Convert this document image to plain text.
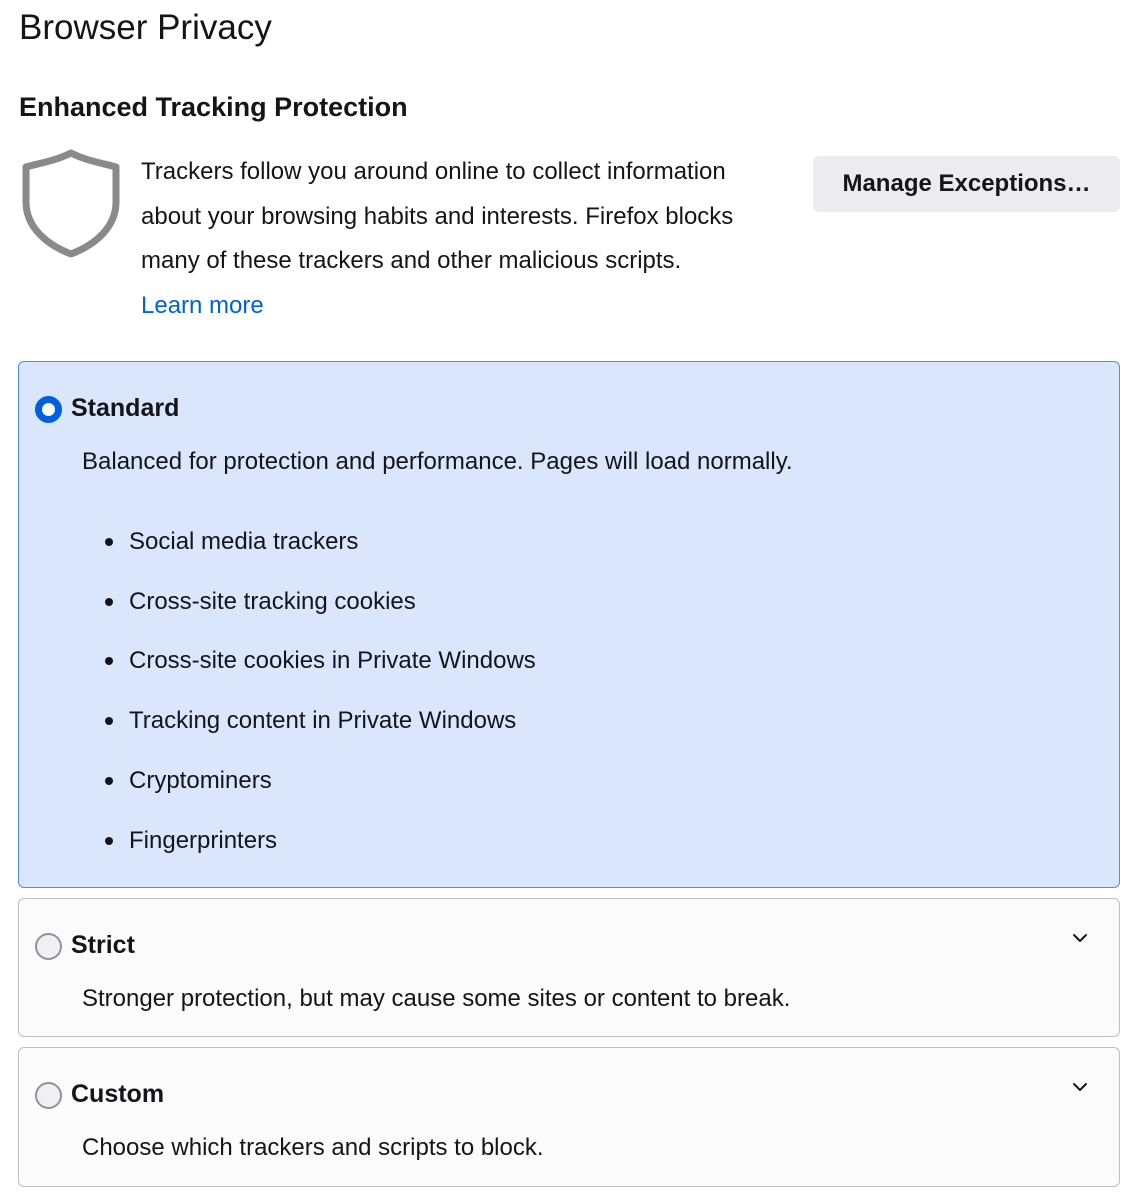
Browser Privacy
Enhanced Tracking Protection

Trackers follow you around online to collect information about your browsing habits and interests. Firefox blocks many of these trackers and other malicious scripts.

Learn more
Manage Exceptions…
Standard
Balanced for protection and performance. Pages will load normally.
Social media trackers
Cross-site tracking cookies
Cross-site cookies in Private Windows
Tracking content in Private Windows
Cryptominers
Fingerprinters
Strict
Stronger protection, but may cause some sites or content to break.
Custom
Choose which trackers and scripts to block.
